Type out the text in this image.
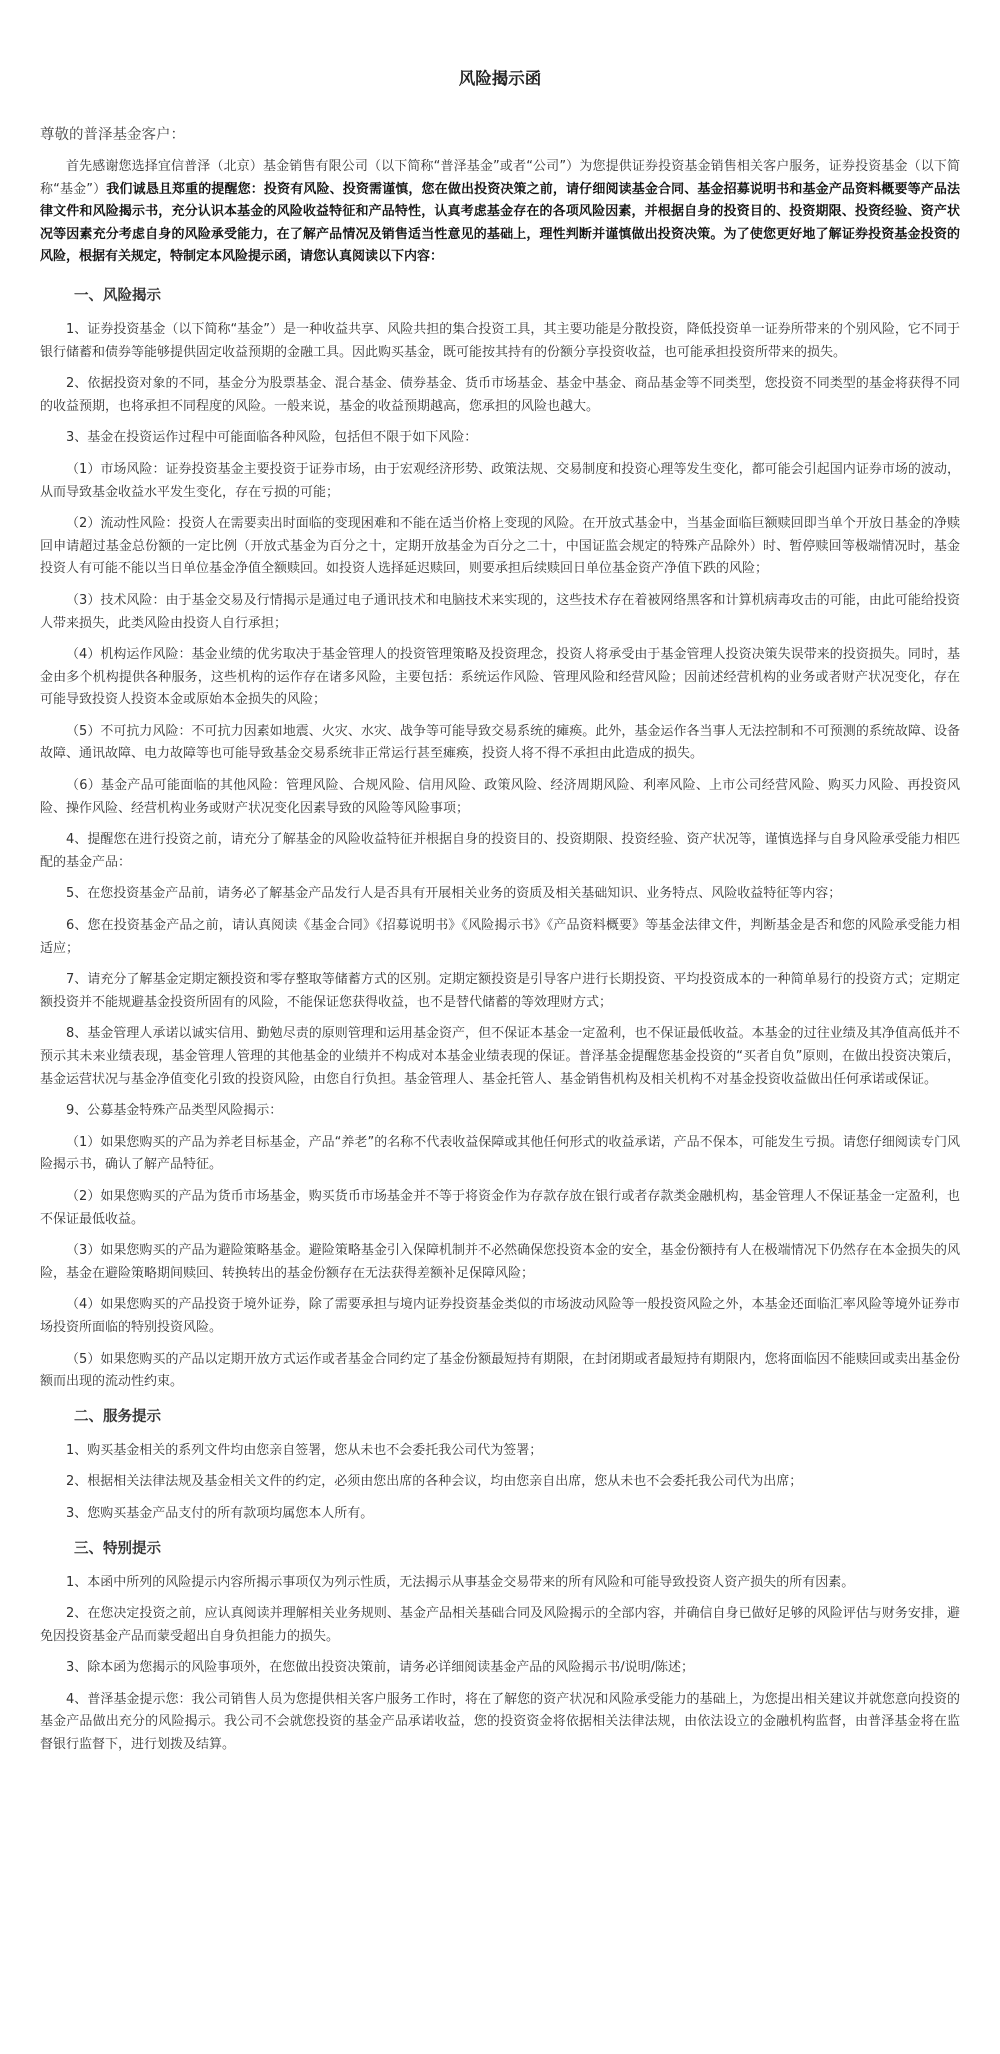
风险揭示函
尊敬的普泽基金客户：

首先感谢您选择宜信普泽（北京）基金销售有限公司（以下简称“普泽基金”或者“公司”）为您提供证券投资基金销售相关客户服务，证券投资基金（以下简称“基金”）我们诚恳且郑重的提醒您：投资有风险、投资需谨慎，您在做出投资决策之前，请仔细阅读基金合同、基金招募说明书和基金产品资料概要等产品法律文件和风险揭示书，充分认识本基金的风险收益特征和产品特性，认真考虑基金存在的各项风险因素，并根据自身的投资目的、投资期限、投资经验、资产状况等因素充分考虑自身的风险承受能力，在了解产品情况及销售适当性意见的基础上，理性判断并谨慎做出投资决策。为了使您更好地了解证券投资基金投资的风险，根据有关规定，特制定本风险提示函，请您认真阅读以下内容：

一、风险揭示

1、证券投资基金（以下简称“基金”）是一种收益共享、风险共担的集合投资工具，其主要功能是分散投资，降低投资单一证券所带来的个别风险，它不同于银行储蓄和债券等能够提供固定收益预期的金融工具。因此购买基金，既可能按其持有的份额分享投资收益，也可能承担投资所带来的损失。

2、依据投资对象的不同，基金分为股票基金、混合基金、债券基金、货币市场基金、基金中基金、商品基金等不同类型，您投资不同类型的基金将获得不同的收益预期，也将承担不同程度的风险。一般来说，基金的收益预期越高，您承担的风险也越大。

3、基金在投资运作过程中可能面临各种风险，包括但不限于如下风险：

（1）市场风险：证券投资基金主要投资于证券市场，由于宏观经济形势、政策法规、交易制度和投资心理等发生变化，都可能会引起国内证券市场的波动，从而导致基金收益水平发生变化，存在亏损的可能；

（2）流动性风险：投资人在需要卖出时面临的变现困难和不能在适当价格上变现的风险。在开放式基金中，当基金面临巨额赎回即当单个开放日基金的净赎回申请超过基金总份额的一定比例（开放式基金为百分之十，定期开放基金为百分之二十，中国证监会规定的特殊产品除外）时、暂停赎回等极端情况时，基金投资人有可能不能以当日单位基金净值全额赎回。如投资人选择延迟赎回，则要承担后续赎回日单位基金资产净值下跌的风险；

（3）技术风险：由于基金交易及行情揭示是通过电子通讯技术和电脑技术来实现的，这些技术存在着被网络黑客和计算机病毒攻击的可能，由此可能给投资人带来损失，此类风险由投资人自行承担；

（4）机构运作风险：基金业绩的优劣取决于基金管理人的投资管理策略及投资理念，投资人将承受由于基金管理人投资决策失误带来的投资损失。同时，基金由多个机构提供各种服务，这些机构的运作存在诸多风险，主要包括：系统运作风险、管理风险和经营风险；因前述经营机构的业务或者财产状况变化，存在可能导致投资人投资本金或原始本金损失的风险；

（5）不可抗力风险：不可抗力因素如地震、火灾、水灾、战争等可能导致交易系统的瘫痪。此外，基金运作各当事人无法控制和不可预测的系统故障、设备故障、通讯故障、电力故障等也可能导致基金交易系统非正常运行甚至瘫痪，投资人将不得不承担由此造成的损失。

（6）基金产品可能面临的其他风险：管理风险、合规风险、信用风险、政策风险、经济周期风险、利率风险、上市公司经营风险、购买力风险、再投资风险、操作风险、经营机构业务或财产状况变化因素导致的风险等风险事项；

4、提醒您在进行投资之前，请充分了解基金的风险收益特征并根据自身的投资目的、投资期限、投资经验、资产状况等，谨慎选择与自身风险承受能力相匹配的基金产品：

5、在您投资基金产品前，请务必了解基金产品发行人是否具有开展相关业务的资质及相关基础知识、业务特点、风险收益特征等内容；

6、您在投资基金产品之前，请认真阅读《基金合同》《招募说明书》《风险揭示书》《产品资料概要》等基金法律文件，判断基金是否和您的风险承受能力相适应；

7、请充分了解基金定期定额投资和零存整取等储蓄方式的区别。定期定额投资是引导客户进行长期投资、平均投资成本的一种简单易行的投资方式；定期定额投资并不能规避基金投资所固有的风险，不能保证您获得收益，也不是替代储蓄的等效理财方式；

8、基金管理人承诺以诚实信用、勤勉尽责的原则管理和运用基金资产，但不保证本基金一定盈利，也不保证最低收益。本基金的过往业绩及其净值高低并不预示其未来业绩表现，基金管理人管理的其他基金的业绩并不构成对本基金业绩表现的保证。普泽基金提醒您基金投资的“买者自负”原则，在做出投资决策后，基金运营状况与基金净值变化引致的投资风险，由您自行负担。基金管理人、基金托管人、基金销售机构及相关机构不对基金投资收益做出任何承诺或保证。

9、公募基金特殊产品类型风险揭示：

（1）如果您购买的产品为养老目标基金，产品“养老”的名称不代表收益保障或其他任何形式的收益承诺，产品不保本，可能发生亏损。请您仔细阅读专门风险揭示书，确认了解产品特征。

（2）如果您购买的产品为货币市场基金，购买货币市场基金并不等于将资金作为存款存放在银行或者存款类金融机构，基金管理人不保证基金一定盈利，也不保证最低收益。

（3）如果您购买的产品为避险策略基金。避险策略基金引入保障机制并不必然确保您投资本金的安全，基金份额持有人在极端情况下仍然存在本金损失的风险，基金在避险策略期间赎回、转换转出的基金份额存在无法获得差额补足保障风险；

（4）如果您购买的产品投资于境外证券，除了需要承担与境内证券投资基金类似的市场波动风险等一般投资风险之外，本基金还面临汇率风险等境外证券市场投资所面临的特别投资风险。

（5）如果您购买的产品以定期开放方式运作或者基金合同约定了基金份额最短持有期限，在封闭期或者最短持有期限内，您将面临因不能赎回或卖出基金份额而出现的流动性约束。

二、服务提示

1、购买基金相关的系列文件均由您亲自签署，您从未也不会委托我公司代为签署；

2、根据相关法律法规及基金相关文件的约定，必须由您出席的各种会议，均由您亲自出席，您从未也不会委托我公司代为出席；

3、您购买基金产品支付的所有款项均属您本人所有。

三、特别提示

1、本函中所列的风险提示内容所揭示事项仅为列示性质，无法揭示从事基金交易带来的所有风险和可能导致投资人资产损失的所有因素。

2、在您决定投资之前，应认真阅读并理解相关业务规则、基金产品相关基础合同及风险揭示的全部内容，并确信自身已做好足够的风险评估与财务安排，避免因投资基金产品而蒙受超出自身负担能力的损失。

3、除本函为您揭示的风险事项外，在您做出投资决策前，请务必详细阅读基金产品的风险揭示书/说明/陈述；

4、普泽基金提示您：我公司销售人员为您提供相关客户服务工作时，将在了解您的资产状况和风险承受能力的基础上，为您提出相关建议并就您意向投资的基金产品做出充分的风险揭示。我公司不会就您投资的基金产品承诺收益，您的投资资金将依据相关法律法规，由依法设立的金融机构监督，由普泽基金将在监督银行监督下，进行划拨及结算。
